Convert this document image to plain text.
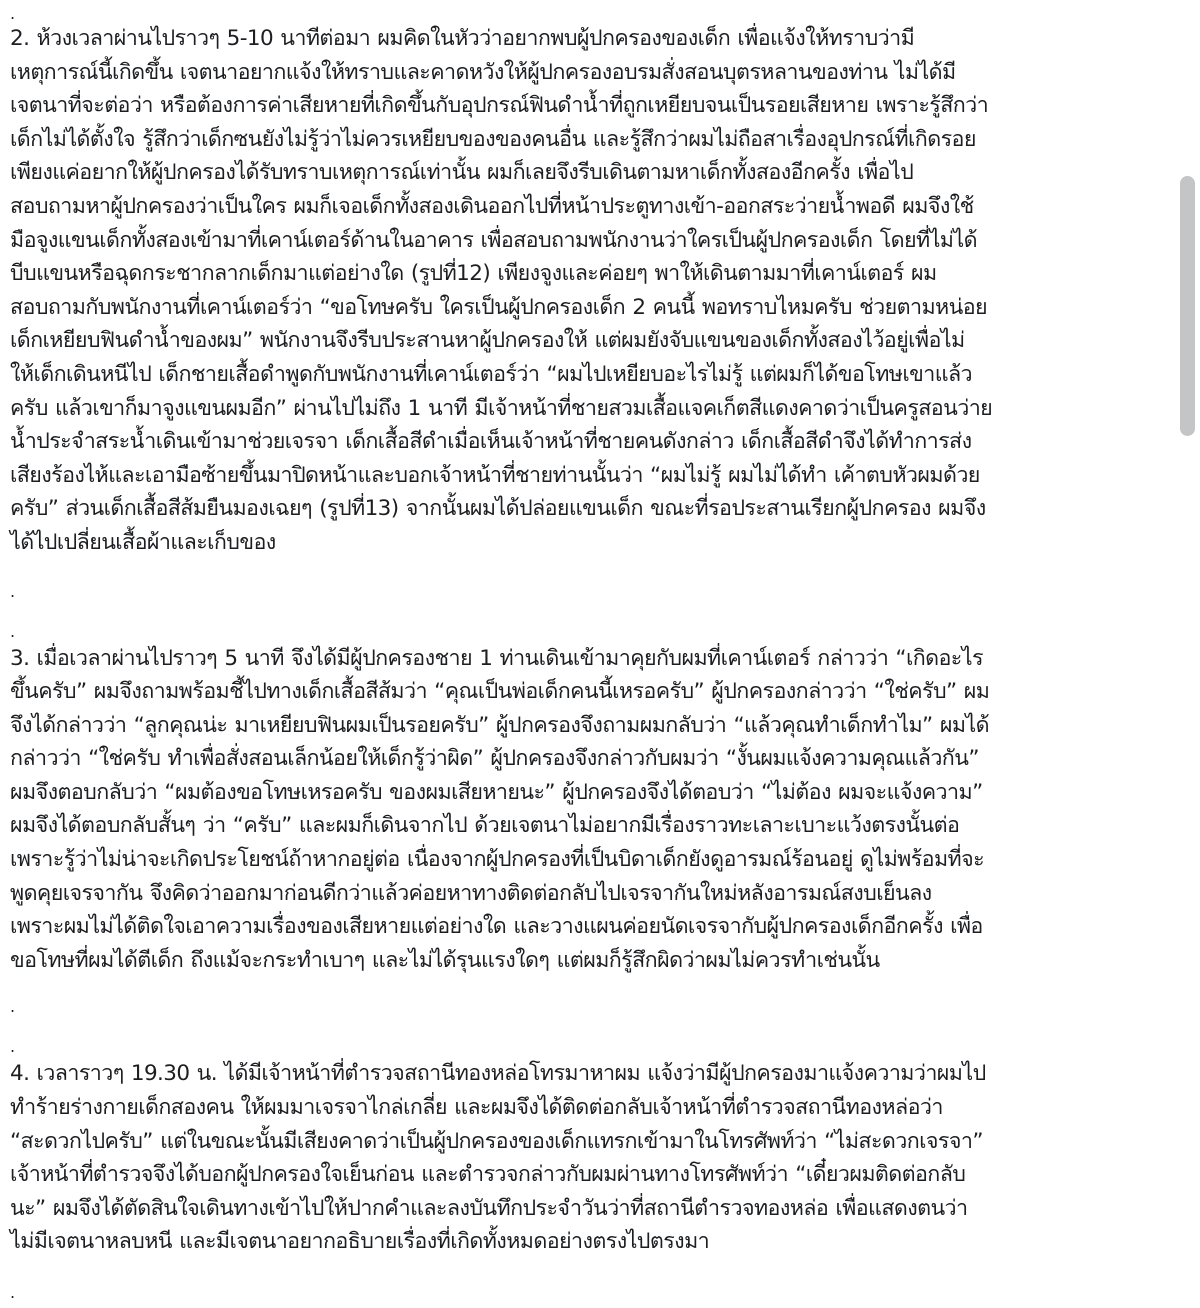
.
2. ห้วงเวลาผ่านไปราวๆ 5-10 นาทีต่อมา ผมคิดในหัวว่าอยากพบผู้ปกครองของเด็ก เพื่อแจ้งให้ทราบว่ามี
เหตุการณ์นี้เกิดขึ้น เจตนาอยากแจ้งให้ทราบและคาดหวังให้ผู้ปกครองอบรมสั่งสอนบุตรหลานของท่าน ไม่ได้มี
เจตนาที่จะต่อว่า หรือต้องการค่าเสียหายที่เกิดขึ้นกับอุปกรณ์ฟินดำน้ำที่ถูกเหยียบจนเป็นรอยเสียหาย เพราะรู้สึกว่า
เด็กไม่ได้ตั้งใจ รู้สึกว่าเด็กซนยังไม่รู้ว่าไม่ควรเหยียบของของคนอื่น และรู้สึกว่าผมไม่ถือสาเรื่องอุปกรณ์ที่เกิดรอย
เพียงแค่อยากให้ผู้ปกครองได้รับทราบเหตุการณ์เท่านั้น ผมก็เลยจึงรีบเดินตามหาเด็กทั้งสองอีกครั้ง เพื่อไป
สอบถามหาผู้ปกครองว่าเป็นใคร ผมก็เจอเด็กทั้งสองเดินออกไปที่หน้าประตูทางเข้า-ออกสระว่ายน้ำพอดี ผมจึงใช้
มือจูงแขนเด็กทั้งสองเข้ามาที่เคาน์เตอร์ด้านในอาคาร เพื่อสอบถามพนักงานว่าใครเป็นผู้ปกครองเด็ก โดยที่ไม่ได้
บีบแขนหรือฉุดกระชากลากเด็กมาแต่อย่างใด (รูปที่12) เพียงจูงและค่อยๆ พาให้เดินตามมาที่เคาน์เตอร์ ผม
สอบถามกับพนักงานที่เคาน์เตอร์ว่า “ขอโทษครับ ใครเป็นผู้ปกครองเด็ก 2 คนนี้ พอทราบไหมครับ ช่วยตามหน่อย
เด็กเหยียบฟินดำน้ำของผม” พนักงานจึงรีบประสานหาผู้ปกครองให้ แต่ผมยังจับแขนของเด็กทั้งสองไว้อยู่เพื่อไม่
ให้เด็กเดินหนีไป เด็กชายเสื้อดำพูดกับพนักงานที่เคาน์เตอร์ว่า “ผมไปเหยียบอะไรไม่รู้ แต่ผมก็ได้ขอโทษเขาแล้ว
ครับ แล้วเขาก็มาจูงแขนผมอีก” ผ่านไปไม่ถึง 1 นาที มีเจ้าหน้าที่ชายสวมเสื้อแจคเก็ตสีแดงคาดว่าเป็นครูสอนว่าย
น้ำประจำสระน้ำเดินเข้ามาช่วยเจรจา เด็กเสื้อสีดำเมื่อเห็นเจ้าหน้าที่ชายคนดังกล่าว เด็กเสื้อสีดำจึงได้ทำการส่ง
เสียงร้องไห้และเอามือซ้ายขึ้นมาปิดหน้าและบอกเจ้าหน้าที่ชายท่านนั้นว่า “ผมไม่รู้ ผมไม่ได้ทำ เค้าตบหัวผมด้วย
ครับ” ส่วนเด็กเสื้อสีส้มยืนมองเฉยๆ (รูปที่13) จากนั้นผมได้ปล่อยแขนเด็ก ขณะที่รอประสานเรียกผู้ปกครอง ผมจึง
ได้ไปเปลี่ยนเสื้อผ้าและเก็บของ
.
.
3. เมื่อเวลาผ่านไปราวๆ 5 นาที จึงได้มีผู้ปกครองชาย 1 ท่านเดินเข้ามาคุยกับผมที่เคาน์เตอร์ กล่าวว่า “เกิดอะไร
ขึ้นครับ” ผมจึงถามพร้อมชี้ไปทางเด็กเสื้อสีส้มว่า “คุณเป็นพ่อเด็กคนนี้เหรอครับ” ผู้ปกครองกล่าวว่า “ใช่ครับ” ผม
จึงได้กล่าวว่า “ลูกคุณน่ะ มาเหยียบฟินผมเป็นรอยครับ” ผู้ปกครองจึงถามผมกลับว่า “แล้วคุณทำเด็กทำไม” ผมได้
กล่าวว่า “ใช่ครับ ทำเพื่อสั่งสอนเล็กน้อยให้เด็กรู้ว่าผิด” ผู้ปกครองจึงกล่าวกับผมว่า “งั้นผมแจ้งความคุณแล้วกัน”
ผมจึงตอบกลับว่า “ผมต้องขอโทษเหรอครับ ของผมเสียหายนะ” ผู้ปกครองจึงได้ตอบว่า “ไม่ต้อง ผมจะแจ้งความ”
ผมจึงได้ตอบกลับสั้นๆ ว่า “ครับ” และผมก็เดินจากไป ด้วยเจตนาไม่อยากมีเรื่องราวทะเลาะเบาะแว้งตรงนั้นต่อ
เพราะรู้ว่าไม่น่าจะเกิดประโยชน์ถ้าหากอยู่ต่อ เนื่องจากผู้ปกครองที่เป็นบิดาเด็กยังดูอารมณ์ร้อนอยู่ ดูไม่พร้อมที่จะ
พูดคุยเจรจากัน จึงคิดว่าออกมาก่อนดีกว่าแล้วค่อยหาทางติดต่อกลับไปเจรจากันใหม่หลังอารมณ์สงบเย็นลง
เพราะผมไม่ได้ติดใจเอาความเรื่องของเสียหายแต่อย่างใด และวางแผนค่อยนัดเจรจากับผู้ปกครองเด็กอีกครั้ง เพื่อ
ขอโทษที่ผมได้ตีเด็ก ถึงแม้จะกระทำเบาๆ และไม่ได้รุนแรงใดๆ แต่ผมก็รู้สึกผิดว่าผมไม่ควรทำเช่นนั้น
.
.
4. เวลาราวๆ 19.30 น. ได้มีเจ้าหน้าที่ตำรวจสถานีทองหล่อโทรมาหาผม แจ้งว่ามีผู้ปกครองมาแจ้งความว่าผมไป
ทำร้ายร่างกายเด็กสองคน ให้ผมมาเจรจาไกล่เกลี่ย และผมจึงได้ติดต่อกลับเจ้าหน้าที่ตำรวจสถานีทองหล่อว่า
“สะดวกไปครับ” แต่ในขณะนั้นมีเสียงคาดว่าเป็นผู้ปกครองของเด็กแทรกเข้ามาในโทรศัพท์ว่า “ไม่สะดวกเจรจา”
เจ้าหน้าที่ตำรวจจึงได้บอกผู้ปกครองใจเย็นก่อน และตำรวจกล่าวกับผมผ่านทางโทรศัพท์ว่า “เดี๋ยวผมติดต่อกลับ
นะ” ผมจึงได้ตัดสินใจเดินทางเข้าไปให้ปากคำและลงบันทึกประจำวันว่าที่สถานีตำรวจทองหล่อ เพื่อแสดงตนว่า
ไม่มีเจตนาหลบหนี และมีเจตนาอยากอธิบายเรื่องที่เกิดทั้งหมดอย่างตรงไปตรงมา
.
